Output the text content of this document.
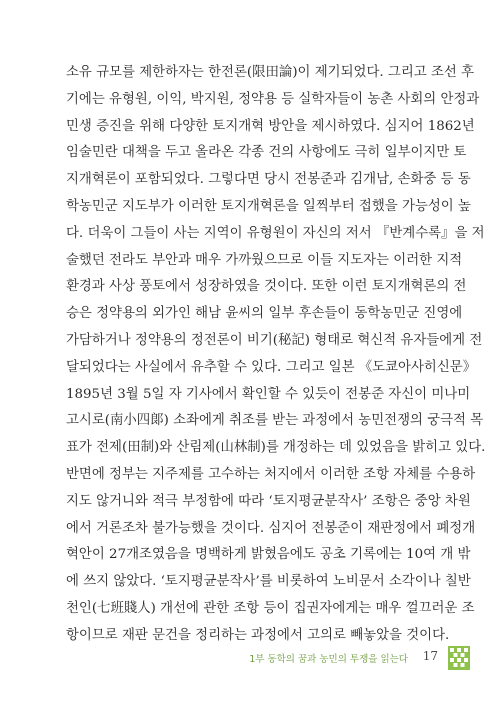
소유 규모를 제한하자는 한전론(限田論)이 제기되었다. 그리고 조선 후
기에는 유형원, 이익, 박지원, 정약용 등 실학자들이 농촌 사회의 안정과
민생 증진을 위해 다양한 토지개혁 방안을 제시하였다. 심지어 1862년
임술민란 대책을 두고 올라온 각종 건의 사항에도 극히 일부이지만 토
지개혁론이 포함되었다. 그렇다면 당시 전봉준과 김개남, 손화중 등 동
학농민군 지도부가 이러한 토지개혁론을 일찍부터 접했을 가능성이 높
다. 더욱이 그들이 사는 지역이 유형원이 자신의 저서 『반계수록』을 저
술했던 전라도 부안과 매우 가까웠으므로 이들 지도자는 이러한 지적
환경과 사상 풍토에서 성장하였을 것이다. 또한 이런 토지개혁론의 전
승은 정약용의 외가인 해남 윤씨의 일부 후손들이 동학농민군 진영에
가담하거나 정약용의 정전론이 비기(秘記) 형태로 혁신적 유자들에게 전
달되었다는 사실에서 유추할 수 있다. 그리고 일본 《도쿄아사히신문》
1895년 3월 5일 자 기사에서 확인할 수 있듯이 전봉준 자신이 미나미
고시로(南小四郞) 소좌에게 취조를 받는 과정에서 농민전쟁의 궁극적 목
표가 전제(田制)와 산림제(山林制)를 개정하는 데 있었음을 밝히고 있다.
반면에 정부는 지주제를 고수하는 처지에서 이러한 조항 자체를 수용하
지도 않거니와 적극 부정함에 따라 ‘토지평균분작사’ 조항은 중앙 차원
에서 거론조차 불가능했을 것이다. 심지어 전봉준이 재판정에서 폐정개
혁안이 27개조였음을 명백하게 밝혔음에도 공초 기록에는 10여 개 밖
에 쓰지 않았다. ‘토지평균분작사’를 비롯하여 노비문서 소각이나 칠반
천인(七班賤人) 개선에 관한 조항 등이 집권자에게는 매우 껄끄러운 조
항이므로 재판 문건을 정리하는 과정에서 고의로 빼놓았을 것이다.
1부 동학의 꿈과 농민의 투쟁을 읽는다 17
